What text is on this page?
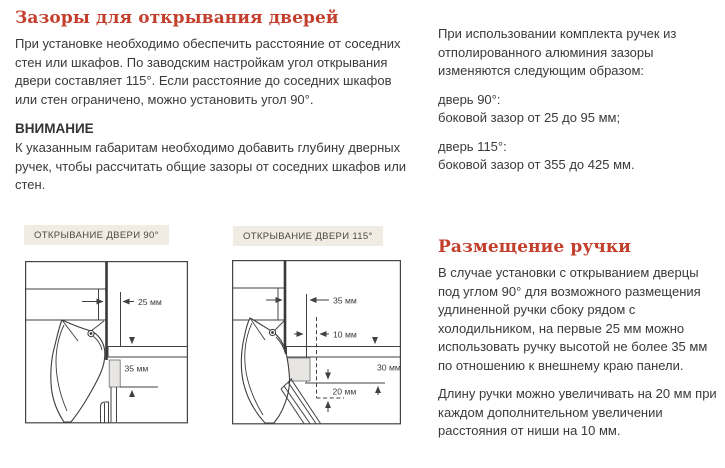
Зазоры для открывания дверей

При установке необходимо обеспечить расстояние от соседних стен или шкафов. По заводским настройкам угол открывания двери составляет 115°. Если расстояние до соседних шкафов или стен ограничено, можно установить угол 90°.

ВНИМАНИЕ

К указанным габаритам необходимо добавить глубину дверных ручек, чтобы рассчитать общие зазоры от соседних шкафов или стен.

При использовании комплекта ручек из отполированного алюминия зазоры изменяются следующим образом:

дверь 90°:
боковой зазор от 25 до 95 мм;
дверь 115°:
боковой зазор от 355 до 425 мм.
ОТКРЫВАНИЕ ДВЕРИ 90°	ОТКРЫВАНИЕ ДВЕРИ 115°
25 мм
35 мм
35 мм
10 мм
30 мм
20 мм
Размещение ручки

В случае установки с открыванием дверцы под углом 90° для возможного размещения удлиненной ручки сбоку рядом с холодильником, на первые 25 мм можно использовать ручку высотой не более 35 мм по отношению к внешнему краю панели.

Длину ручки можно увеличивать на 20 мм при каждом дополнительном увеличении расстояния от ниши на 10 мм.
